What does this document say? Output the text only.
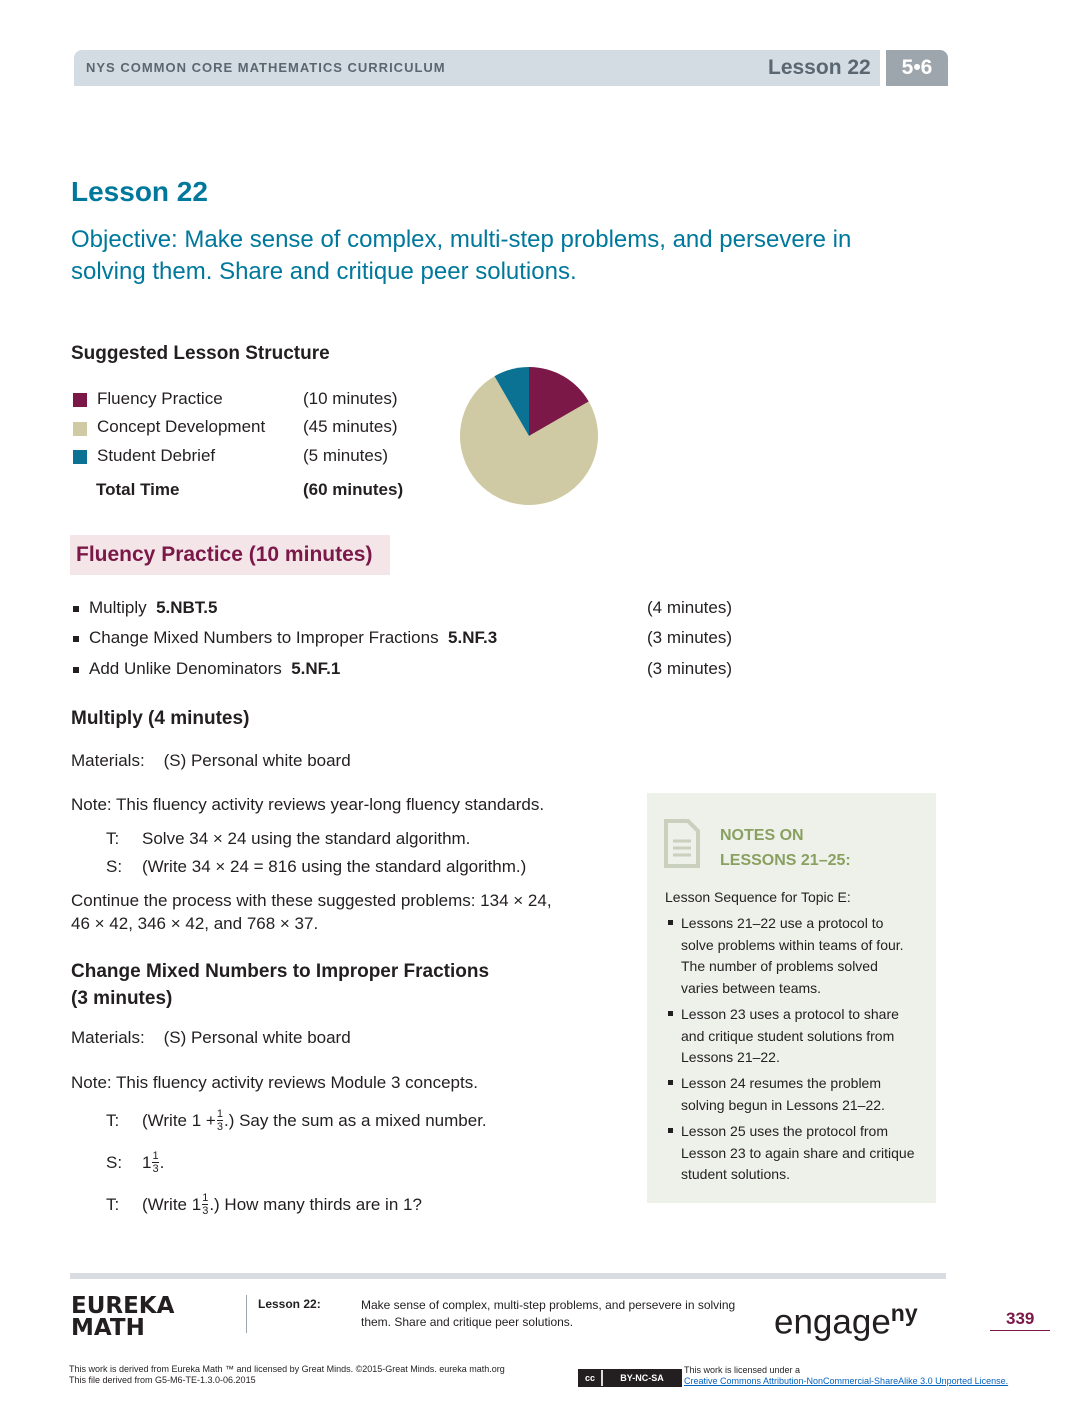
NYS COMMON CORE MATHEMATICS CURRICULUM	Lesson 22	5•6
Lesson 22
Objective: Make sense of complex, multi-step problems, and persevere in
solving them. Share and critique peer solutions.
Suggested Lesson Structure
Fluency Practice	(10 minutes)
Concept Development (45 minutes)
Student Debrief	(5 minutes)
Total Time	(60 minutes)
Fluency Practice (10 minutes)
Multiply 5.NBT.5	(4 minutes)
Change Mixed Numbers to Improper Fractions 5.NF.3	(3 minutes)
Add Unlike Denominators 5.NF.1	(3 minutes)
Multiply (4 minutes)
Materials:    (S) Personal white board
Note: This fluency activity reviews year-long fluency standards.
T: Solve 34 × 24 using the standard algorithm.
S: (Write 34 × 24 = 816 using the standard algorithm.)
Continue the process with these suggested problems: 134 × 24,
46 × 42, 346 × 42, and 768 × 37.
Change Mixed Numbers to Improper Fractions
(3 minutes)
Materials:    (S) Personal white board
Note: This fluency activity reviews Module 3 concepts.
T: (Write $1 + \frac{1}{3}$ .) Say the sum as a mixed number.
S: $1 \frac{1}{3}$ .
T: (Write $1 \frac{1}{3}$ .) How many thirds are in 1?
NOTES ON
LESSONS 21–25:
Lesson Sequence for Topic E:
Lessons 21–22 use a protocol to
solve problems within teams of four.
The number of problems solved
varies between teams.
Lesson 23 uses a protocol to share
and critique student solutions from
Lessons 21–22.
Lesson 24 resumes the problem
solving begun in Lessons 21–22.
Lesson 25 uses the protocol from
Lesson 23 to again share and critique
student solutions.
EUREKA
MATH
Lesson 22:	Make sense of complex, multi-step problems, and persevere in solving
them. Share and critique peer solutions.	engage$^{ny}$	339
This work is derived from Eureka Math ™ and licensed by Great Minds. ©2015-Great Minds. eureka math.org
This file derived from G5-M6-TE-1.3.0-06.2015	cc	BY-NC-SA
This work is licensed under a
Creative Commons Attribution-NonCommercial-ShareAlike 3.0 Unported License.
